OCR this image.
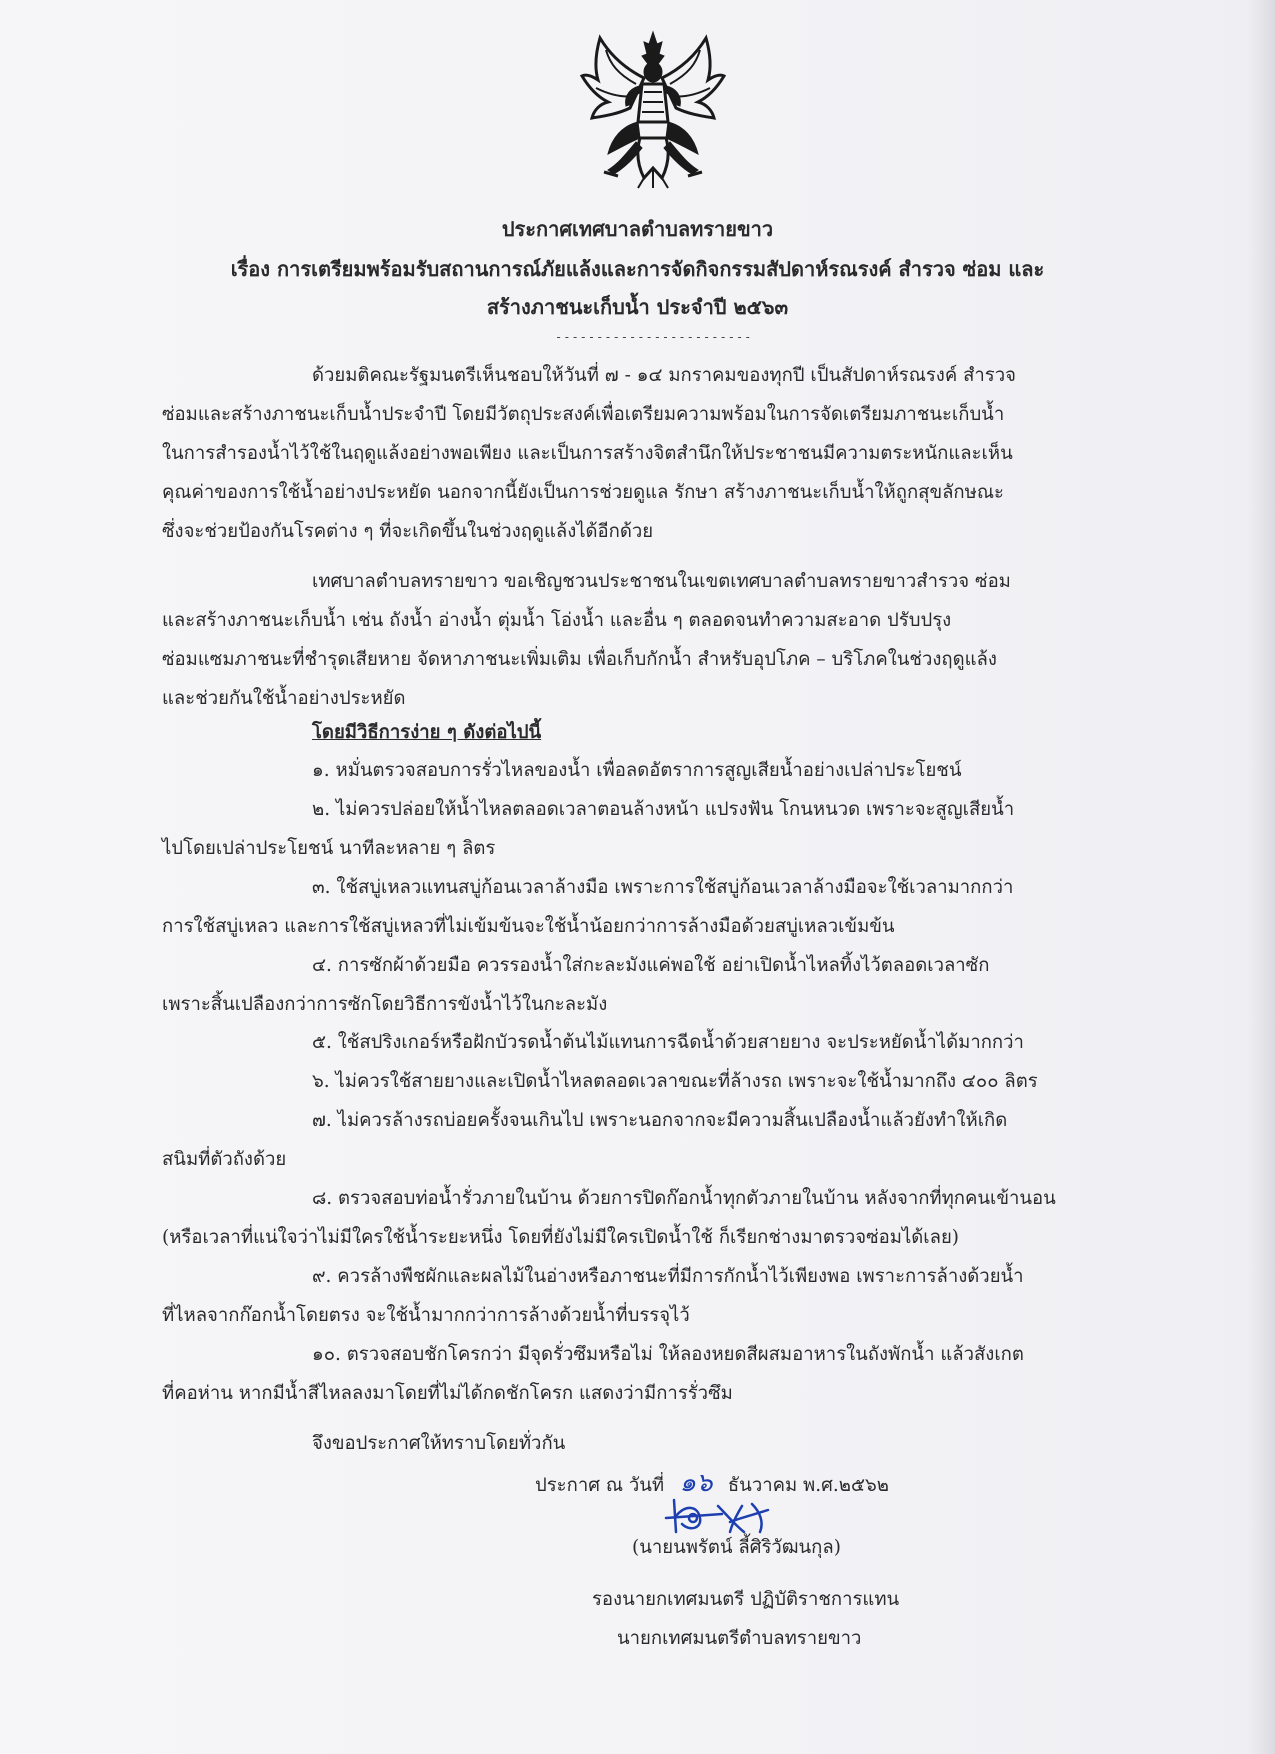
ประกาศเทศบาลตำบลทรายขาว
เรื่อง การเตรียมพร้อมรับสถานการณ์ภัยแล้งและการจัดกิจกรรมสัปดาห์รณรงค์ สำรวจ ซ่อม และ
สร้างภาชนะเก็บน้ำ ประจำปี ๒๕๖๓
------------------------
ด้วยมติคณะรัฐมนตรีเห็นชอบให้วันที่ ๗ - ๑๔ มกราคมของทุกปี เป็นสัปดาห์รณรงค์ สำรวจ
ซ่อมและสร้างภาชนะเก็บน้ำประจำปี โดยมีวัตถุประสงค์เพื่อเตรียมความพร้อมในการจัดเตรียมภาชนะเก็บน้ำ
ในการสำรองน้ำไว้ใช้ในฤดูแล้งอย่างพอเพียง และเป็นการสร้างจิตสำนึกให้ประชาชนมีความตระหนักและเห็น
คุณค่าของการใช้น้ำอย่างประหยัด นอกจากนี้ยังเป็นการช่วยดูแล รักษา สร้างภาชนะเก็บน้ำให้ถูกสุขลักษณะ
ซึ่งจะช่วยป้องกันโรคต่าง ๆ ที่จะเกิดขึ้นในช่วงฤดูแล้งได้อีกด้วย
เทศบาลตำบลทรายขาว ขอเชิญชวนประชาชนในเขตเทศบาลตำบลทรายขาวสำรวจ ซ่อม
และสร้างภาชนะเก็บน้ำ เช่น ถังน้ำ อ่างน้ำ ตุ่มน้ำ โอ่งน้ำ และอื่น ๆ ตลอดจนทำความสะอาด ปรับปรุง
ซ่อมแซมภาชนะที่ชำรุดเสียหาย จัดหาภาชนะเพิ่มเติม เพื่อเก็บกักน้ำ สำหรับอุปโภค – บริโภคในช่วงฤดูแล้ง
และช่วยกันใช้น้ำอย่างประหยัด
โดยมีวิธีการง่าย ๆ ดังต่อไปนี้
๑. หมั่นตรวจสอบการรั่วไหลของน้ำ เพื่อลดอัตราการสูญเสียน้ำอย่างเปล่าประโยชน์
๒. ไม่ควรปล่อยให้น้ำไหลตลอดเวลาตอนล้างหน้า แปรงฟัน โกนหนวด เพราะจะสูญเสียน้ำ
ไปโดยเปล่าประโยชน์ นาทีละหลาย ๆ ลิตร
๓. ใช้สบู่เหลวแทนสบู่ก้อนเวลาล้างมือ เพราะการใช้สบู่ก้อนเวลาล้างมือจะใช้เวลามากกว่า
การใช้สบู่เหลว และการใช้สบู่เหลวที่ไม่เข้มข้นจะใช้น้ำน้อยกว่าการล้างมือด้วยสบู่เหลวเข้มข้น
๔. การซักผ้าด้วยมือ ควรรองน้ำใส่กะละมังแค่พอใช้ อย่าเปิดน้ำไหลทิ้งไว้ตลอดเวลาซัก
เพราะสิ้นเปลืองกว่าการซักโดยวิธีการขังน้ำไว้ในกะละมัง
๕. ใช้สปริงเกอร์หรือฝักบัวรดน้ำต้นไม้แทนการฉีดน้ำด้วยสายยาง จะประหยัดน้ำได้มากกว่า
๖. ไม่ควรใช้สายยางและเปิดน้ำไหลตลอดเวลาขณะที่ล้างรถ เพราะจะใช้น้ำมากถึง ๔๐๐ ลิตร
๗. ไม่ควรล้างรถบ่อยครั้งจนเกินไป เพราะนอกจากจะมีความสิ้นเปลืองน้ำแล้วยังทำให้เกิด
สนิมที่ตัวถังด้วย
๘. ตรวจสอบท่อน้ำรั่วภายในบ้าน ด้วยการปิดก๊อกน้ำทุกตัวภายในบ้าน หลังจากที่ทุกคนเข้านอน
(หรือเวลาที่แน่ใจว่าไม่มีใครใช้น้ำระยะหนึ่ง โดยที่ยังไม่มีใครเปิดน้ำใช้ ก็เรียกช่างมาตรวจซ่อมได้เลย)
๙. ควรล้างพืชผักและผลไม้ในอ่างหรือภาชนะที่มีการกักน้ำไว้เพียงพอ เพราะการล้างด้วยน้ำ
ที่ไหลจากก๊อกน้ำโดยตรง จะใช้น้ำมากกว่าการล้างด้วยน้ำที่บรรจุไว้
๑๐. ตรวจสอบชักโครกว่า มีจุดรั่วซึมหรือไม่ ให้ลองหยดสีผสมอาหารในถังพักน้ำ แล้วสังเกต
ที่คอห่าน หากมีน้ำสีไหลลงมาโดยที่ไม่ได้กดชักโครก แสดงว่ามีการรั่วซึม
จึงขอประกาศให้ทราบโดยทั่วกัน
ประกาศ ณ วันที่ ๑๖ ธันวาคม พ.ศ.๒๕๖๒
(นายนพรัตน์ ลี้ศิริวัฒนกุล)
รองนายกเทศมนตรี ปฏิบัติราชการแทน
นายกเทศมนตรีตำบลทรายขาว
